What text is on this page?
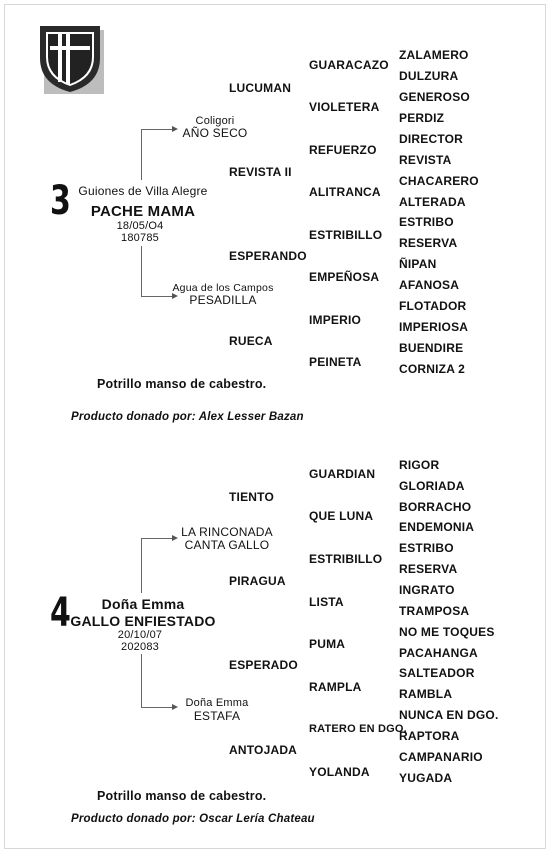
3 Guiones de Villa Alegre
PACHE MAMA
18/05/O4
180785
Coligori
AÑO SECO
Agua de los Campos
PESADILLA
LUCUMAN
REVISTA II
ESPERANDO
RUECA
GUARACAZO
VIOLETERA
REFUERZO
ALITRANCA
ESTRIBILLO
EMPEÑOSA
IMPERIO
PEINETA
ZALAMERO
DULZURA
GENEROSO
PERDIZ
DIRECTOR
REVISTA
CHACARERO
ALTERADA
ESTRIBO
RESERVA
ÑIPAN
AFANOSA
FLOTADOR
IMPERIOSA
BUENDIRE
CORNIZA 2
Potrillo manso de cabestro.
Producto donado por: Alex Lesser Bazan
4 Doña Emma
GALLO ENFIESTADO
20/10/07
202083
LA RINCONADA
CANTA GALLO
Doña Emma
ESTAFA
TIENTO
PIRAGUA
ESPERADO
ANTOJADA
GUARDIAN
QUE LUNA
ESTRIBILLO
LISTA
PUMA
RAMPLA
RATERO EN DGO.
YOLANDA
RIGOR
GLORIADA
BORRACHO
ENDEMONIA
ESTRIBO
RESERVA
INGRATO
TRAMPOSA
NO ME TOQUES
PACAHANGA
SALTEADOR
RAMBLA
NUNCA EN DGO.
RAPTORA
CAMPANARIO
YUGADA
Potrillo manso de cabestro.
Producto donado por: Oscar Lería Chateau
